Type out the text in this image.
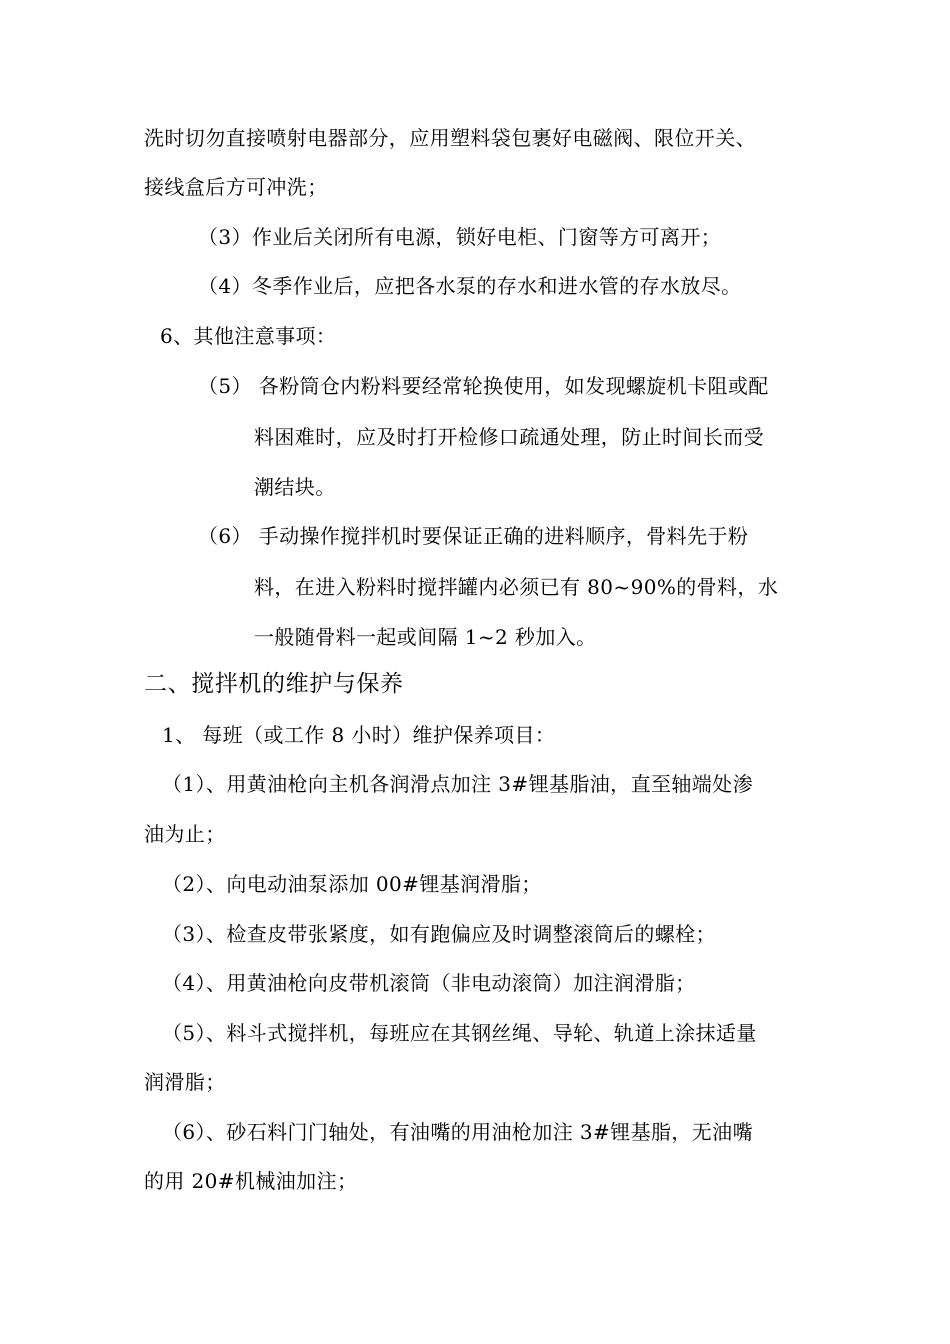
洗时切勿直接喷射电器部分，应用塑料袋包裹好电磁阀、限位开关、
接线盒后方可冲洗；
（3）作业后关闭所有电源，锁好电柜、门窗等方可离开；
（4）冬季作业后，应把各水泵的存水和进水管的存水放尽。
6、其他注意事项：
（5） 各粉筒仓内粉料要经常轮换使用，如发现螺旋机卡阻或配
料困难时，应及时打开检修口疏通处理，防止时间长而受
潮结块。
（6） 手动操作搅拌机时要保证正确的进料顺序，骨料先于粉
料，在进入粉料时搅拌罐内必须已有 80~90%的骨料，水
一般随骨料一起或间隔 1~2 秒加入。
二、搅拌机的维护与保养
1、 每班（或工作 8 小时）维护保养项目：
（1）、用黄油枪向主机各润滑点加注 3#锂基脂油，直至轴端处渗
油为止；
（2）、向电动油泵添加 00#锂基润滑脂；
（3）、检查皮带张紧度，如有跑偏应及时调整滚筒后的螺栓；
（4）、用黄油枪向皮带机滚筒（非电动滚筒）加注润滑脂；
（5）、料斗式搅拌机，每班应在其钢丝绳、导轮、轨道上涂抹适量
润滑脂；
（6）、砂石料门门轴处，有油嘴的用油枪加注 3#锂基脂，无油嘴
的用 20#机械油加注；
